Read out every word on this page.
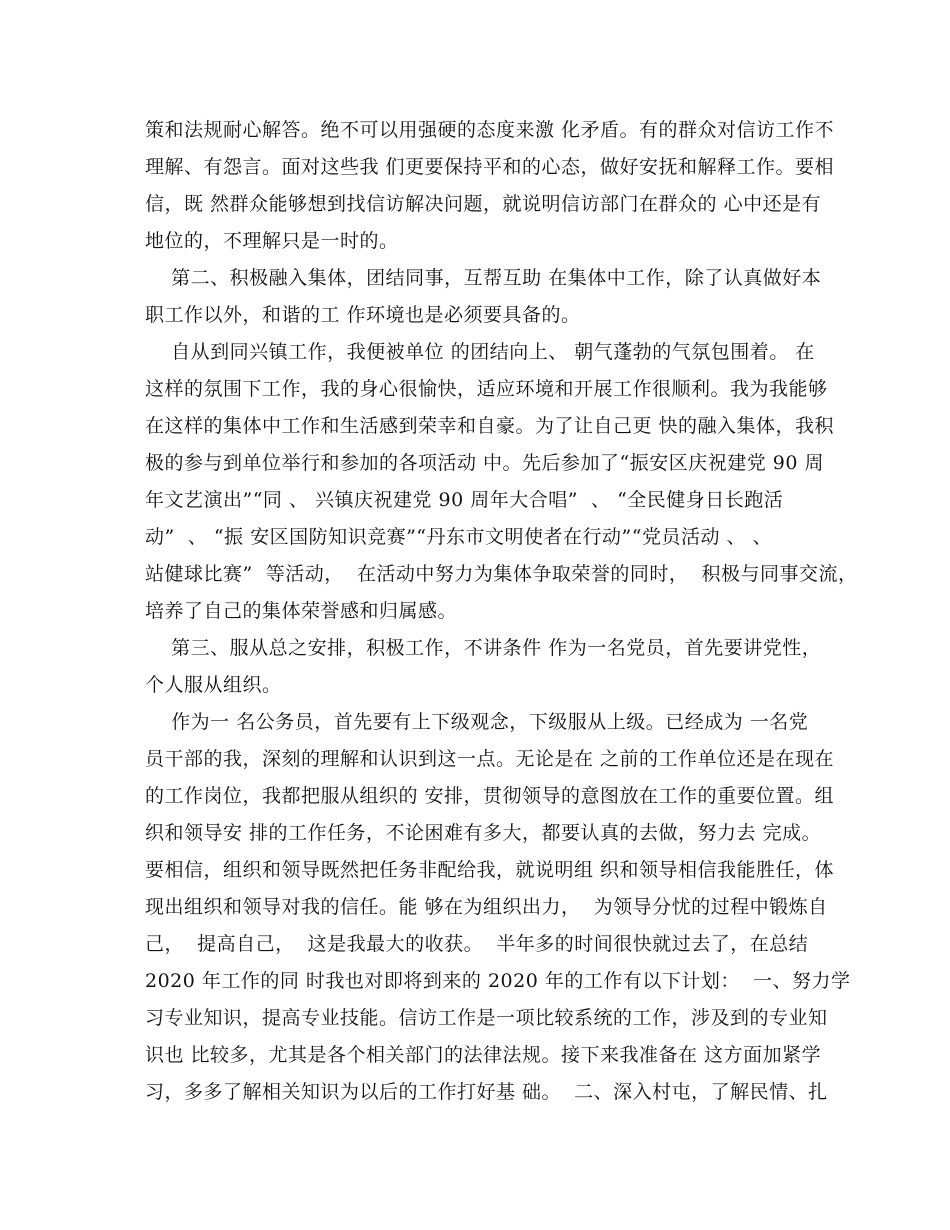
策和法规耐心解答。绝不可以用强硬的态度来激 化矛盾。有的群众对信访工作不
理解、有怨言。面对这些我 们更要保持平和的心态，做好安抚和解释工作。要相
信，既 然群众能够想到找信访解决问题，就说明信访部门在群众的 心中还是有
地位的，不理解只是一时的。
第二、积极融入集体，团结同事，互帮互助 在集体中工作，除了认真做好本
职工作以外，和谐的工 作环境也是必须要具备的。
自从到同兴镇工作，我便被单位 的团结向上、 朝气蓬勃的气氛包围着。 在
这样的氛围下工作，我的身心很愉快，适应环境和开展工作很顺利。我为我能够
在这样的集体中工作和生活感到荣幸和自豪。为了让自己更 快的融入集体，我积
极的参与到单位举行和参加的各项活动 中。先后参加了“振安区庆祝建党 90 周
年文艺演出”“同 、 兴镇庆祝建党 90 周年大合唱”  、 “全民健身日长跑活
动”  、 “振 安区国防知识竞赛”“丹东市文明使者在行动”“党员活动 、 、
站健球比赛”  等活动，  在活动中努力为集体争取荣誉的同时，  积极与同事交流，
培养了自己的集体荣誉感和归属感。
第三、服从总之安排，积极工作，不讲条件 作为一名党员，首先要讲党性，
个人服从组织。
作为一 名公务员，首先要有上下级观念，下级服从上级。已经成为 一名党
员干部的我，深刻的理解和认识到这一点。无论是在 之前的工作单位还是在现在
的工作岗位，我都把服从组织的 安排，贯彻领导的意图放在工作的重要位置。组
织和领导安 排的工作任务，不论困难有多大，都要认真的去做，努力去 完成。
要相信，组织和领导既然把任务非配给我，就说明组 织和领导相信我能胜任，体
现出组织和领导对我的信任。能 够在为组织出力，  为领导分忧的过程中锻炼自
己，  提高自己，  这是我最大的收获。  半年多的时间很快就过去了，在总结
2020 年工作的同 时我也对即将到来的 2020 年的工作有以下计划：  一、努力学
习专业知识，提高专业技能。信访工作是一项比较系统的工作，涉及到的专业知
识也 比较多，尤其是各个相关部门的法律法规。接下来我准备在 这方面加紧学
习，多多了解相关知识为以后的工作打好基 础。  二、深入村屯，了解民情、扎
